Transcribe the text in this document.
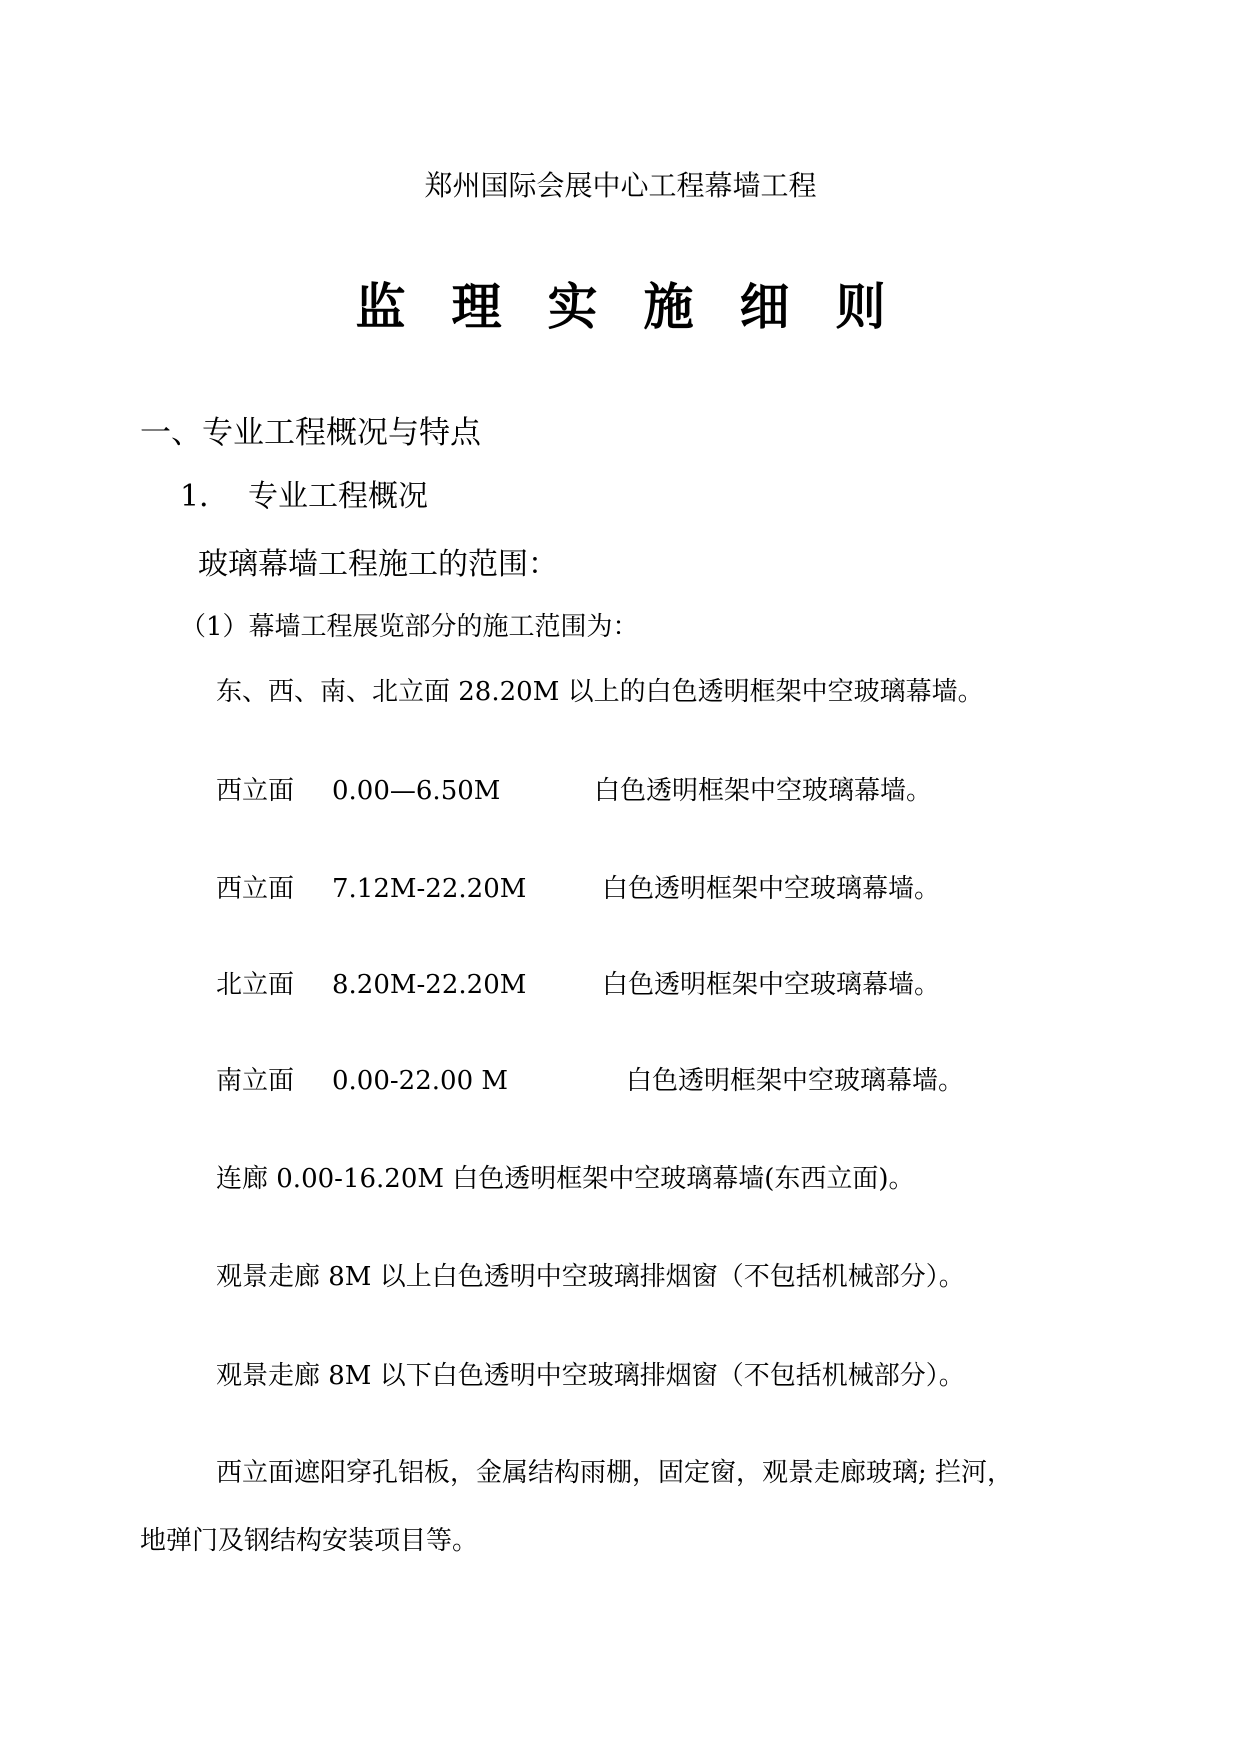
郑州国际会展中心工程幕墙工程
监 理 实 施 细 则
一、专业工程概况与特点
1． 专业工程概况
玻璃幕墙工程施工的范围：
（1）幕墙工程展览部分的施工范围为：
东、西、南、北立面 28.20M 以上的白色透明框架中空玻璃幕墙。
西立面 0.00—6.50M	白色透明框架中空玻璃幕墙。
西立面 7.12M-22.20M	白色透明框架中空玻璃幕墙。
北立面 8.20M-22.20M	白色透明框架中空玻璃幕墙。
南立面 0.00-22.00 M	白色透明框架中空玻璃幕墙。
连廊 0.00-16.20M 白色透明框架中空玻璃幕墙(东西立面)。
观景走廊 8M 以上白色透明中空玻璃排烟窗（不包括机械部分）。
观景走廊 8M 以下白色透明中空玻璃排烟窗（不包括机械部分）。
西立面遮阳穿孔铝板，金属结构雨棚，固定窗，观景走廊玻璃; 拦河，
地弹门及钢结构安装项目等。
